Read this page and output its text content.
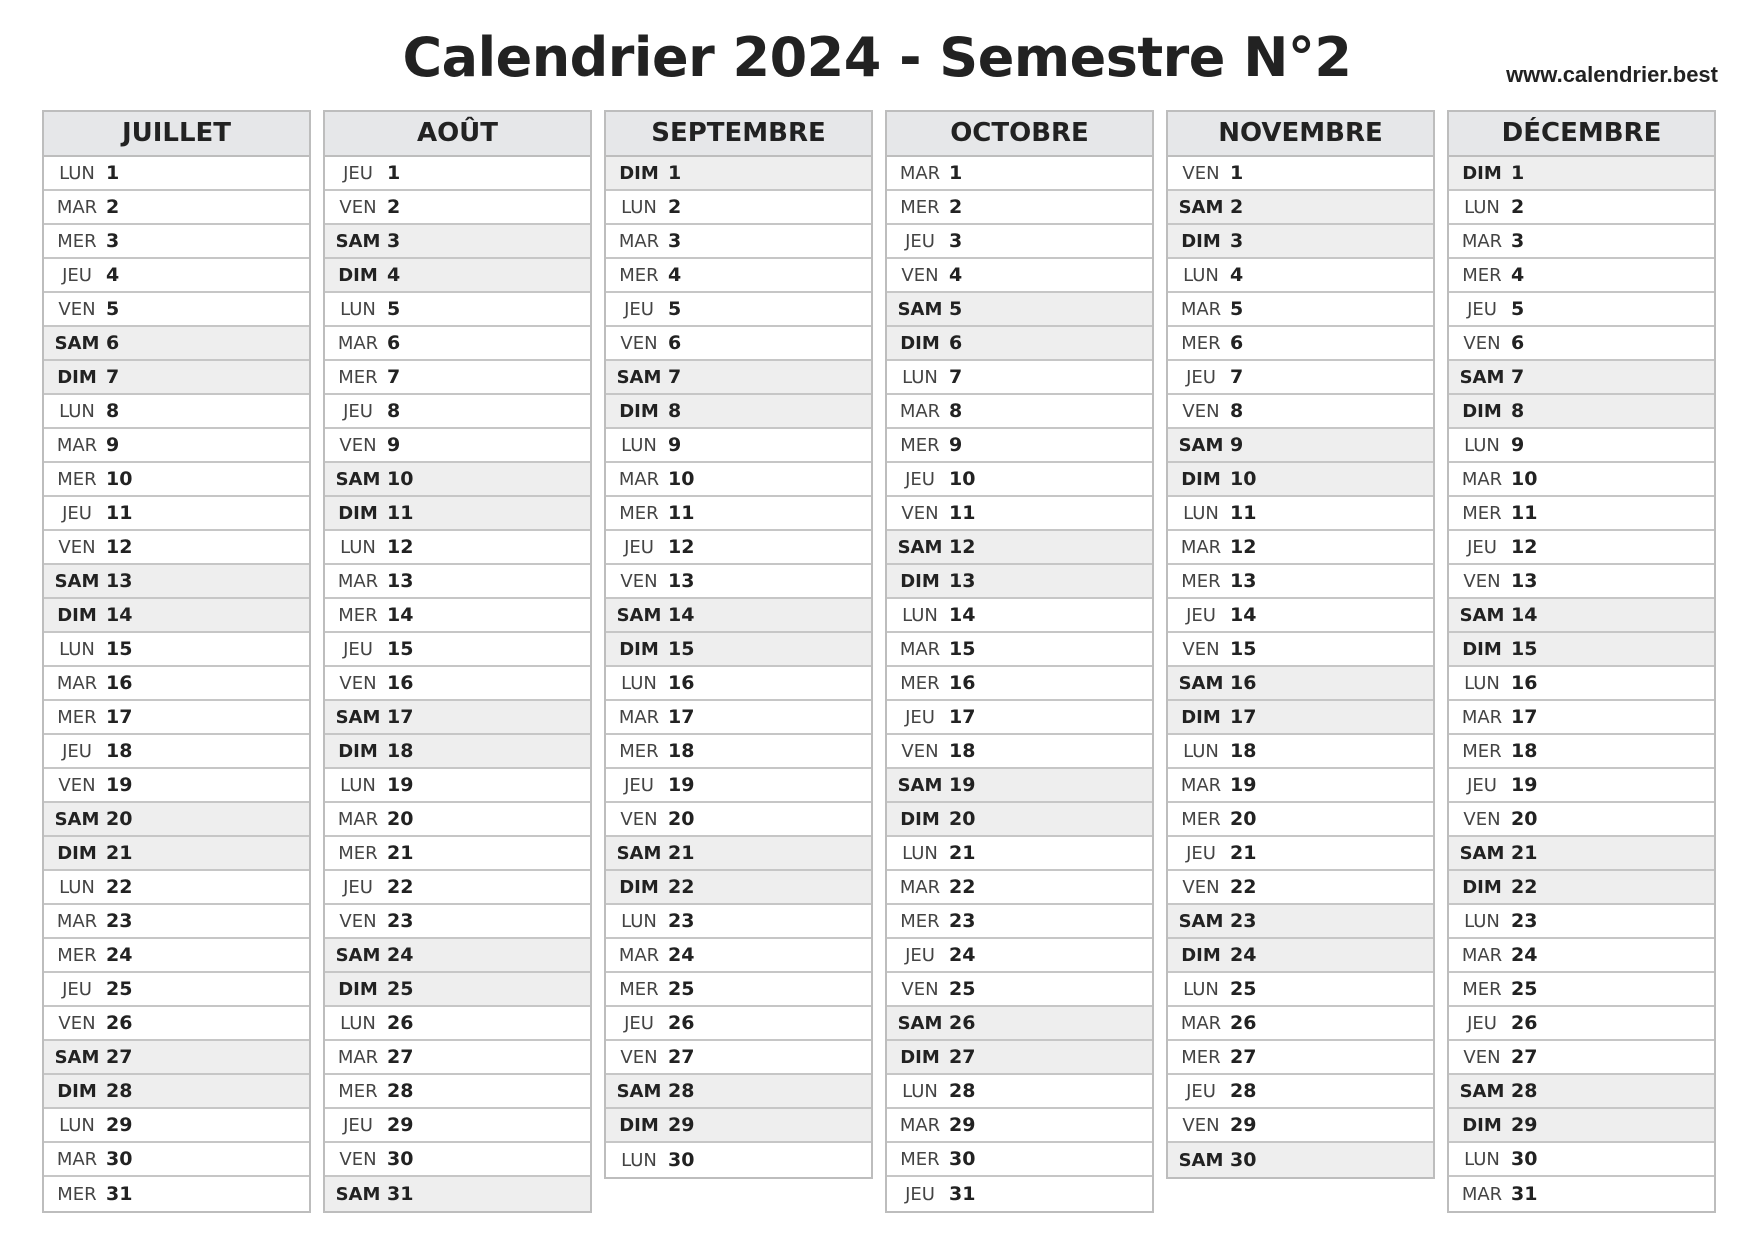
Calendrier 2024 - Semestre N°2	www.calendrier.best
JUILLET
LUN 1
MAR 2
MER 3
JEU 4
VEN 5
SAM 6
DIM 7
LUN 8
MAR 9
MER 10
JEU 11
VEN 12
SAM 13
DIM 14
LUN 15
MAR 16
MER 17
JEU 18
VEN 19
SAM 20
DIM 21
LUN 22
MAR 23
MER 24
JEU 25
VEN 26
SAM 27
DIM 28
LUN 29
MAR 30
MER 31
AOÛT
JEU 1
VEN 2
SAM 3
DIM 4
LUN 5
MAR 6
MER 7
JEU 8
VEN 9
SAM 10
DIM 11
LUN 12
MAR 13
MER 14
JEU 15
VEN 16
SAM 17
DIM 18
LUN 19
MAR 20
MER 21
JEU 22
VEN 23
SAM 24
DIM 25
LUN 26
MAR 27
MER 28
JEU 29
VEN 30
SAM 31
SEPTEMBRE
DIM 1
LUN 2
MAR 3
MER 4
JEU 5
VEN 6
SAM 7
DIM 8
LUN 9
MAR 10
MER 11
JEU 12
VEN 13
SAM 14
DIM 15
LUN 16
MAR 17
MER 18
JEU 19
VEN 20
SAM 21
DIM 22
LUN 23
MAR 24
MER 25
JEU 26
VEN 27
SAM 28
DIM 29
LUN 30
OCTOBRE
MAR 1
MER 2
JEU 3
VEN 4
SAM 5
DIM 6
LUN 7
MAR 8
MER 9
JEU 10
VEN 11
SAM 12
DIM 13
LUN 14
MAR 15
MER 16
JEU 17
VEN 18
SAM 19
DIM 20
LUN 21
MAR 22
MER 23
JEU 24
VEN 25
SAM 26
DIM 27
LUN 28
MAR 29
MER 30
JEU 31
NOVEMBRE
VEN 1
SAM 2
DIM 3
LUN 4
MAR 5
MER 6
JEU 7
VEN 8
SAM 9
DIM 10
LUN 11
MAR 12
MER 13
JEU 14
VEN 15
SAM 16
DIM 17
LUN 18
MAR 19
MER 20
JEU 21
VEN 22
SAM 23
DIM 24
LUN 25
MAR 26
MER 27
JEU 28
VEN 29
SAM 30
DÉCEMBRE
DIM 1
LUN 2
MAR 3
MER 4
JEU 5
VEN 6
SAM 7
DIM 8
LUN 9
MAR 10
MER 11
JEU 12
VEN 13
SAM 14
DIM 15
LUN 16
MAR 17
MER 18
JEU 19
VEN 20
SAM 21
DIM 22
LUN 23
MAR 24
MER 25
JEU 26
VEN 27
SAM 28
DIM 29
LUN 30
MAR 31
